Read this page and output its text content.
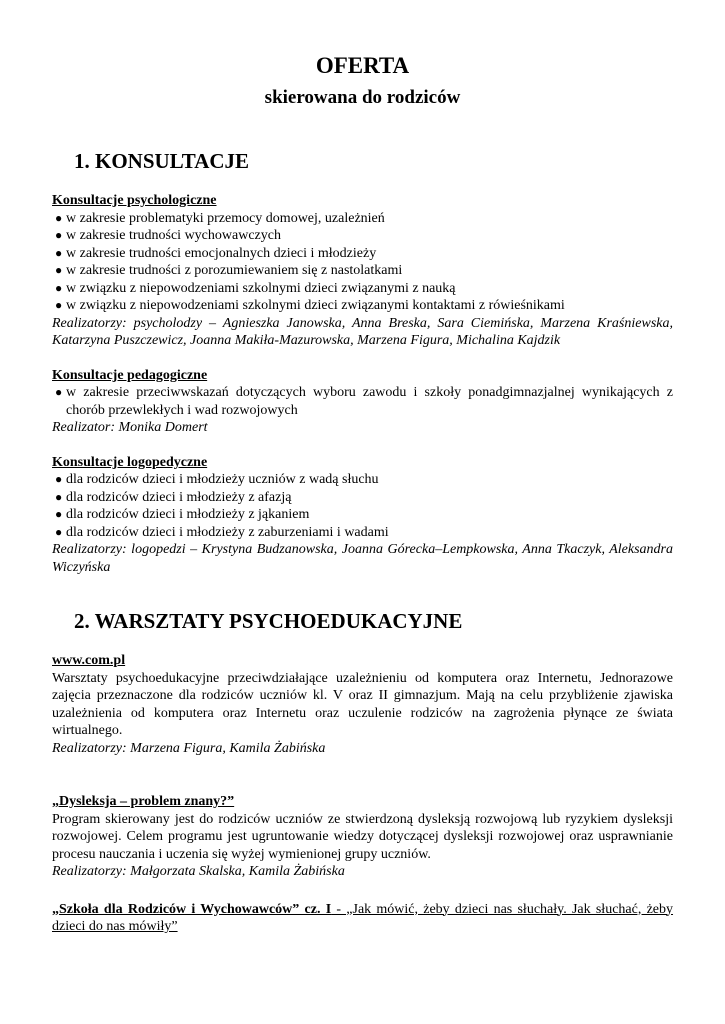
OFERTA
skierowana do rodziców
1. KONSULTACJE

Konsultacje psychologiczne

● w zakresie problematyki przemocy domowej, uzależnień
● w zakresie trudności wychowawczych
● w zakresie trudności emocjonalnych dzieci i młodzieży
● w zakresie trudności z porozumiewaniem się z nastolatkami
● w związku z niepowodzeniami szkolnymi dzieci związanymi z nauką
● w związku z niepowodzeniami szkolnymi dzieci związanymi kontaktami z rówieśnikami

Realizatorzy: psycholodzy – Agnieszka Janowska, Anna Breska, Sara Ciemińska, Marzena Kraśniewska, Katarzyna Puszczewicz, Joanna Makiła-Mazurowska, Marzena Figura, Michalina Kajdzik

Konsultacje pedagogiczne

● w zakresie przeciwwskazań dotyczących wyboru zawodu i szkoły ponadgimnazjalnej wynikających z chorób przewlekłych i wad rozwojowych

Realizator: Monika Domert

Konsultacje logopedyczne

● dla rodziców dzieci i młodzieży uczniów z wadą słuchu
● dla rodziców dzieci i młodzieży z afazją
● dla rodziców dzieci i młodzieży z jąkaniem
● dla rodziców dzieci i młodzieży z zaburzeniami i wadami

Realizatorzy: logopedzi – Krystyna Budzanowska, Joanna Górecka–Lempkowska, Anna Tkaczyk, Aleksandra Wiczyńska

2. WARSZTATY PSYCHOEDUKACYJNE

www.com.pl

Warsztaty psychoedukacyjne przeciwdziałające uzależnieniu od komputera oraz Internetu, Jednorazowe zajęcia przeznaczone dla rodziców uczniów kl. V oraz II gimnazjum. Mają na celu przybliżenie zjawiska uzależnienia od komputera oraz Internetu oraz uczulenie rodziców na zagrożenia płynące ze świata wirtualnego.

Realizatorzy: Marzena Figura, Kamila Żabińska

„Dysleksja – problem znany?”

Program skierowany jest do rodziców uczniów ze stwierdzoną dysleksją rozwojową lub ryzykiem dysleksji rozwojowej. Celem programu jest ugruntowanie wiedzy dotyczącej dysleksji rozwojowej oraz usprawnianie procesu nauczania i uczenia się wyżej wymienionej grupy uczniów.

Realizatorzy: Małgorzata Skalska, Kamila Żabińska

„Szkoła dla Rodziców i Wychowawców” cz. I - „Jak mówić, żeby dzieci nas słuchały. Jak słuchać, żeby dzieci do nas mówiły”
